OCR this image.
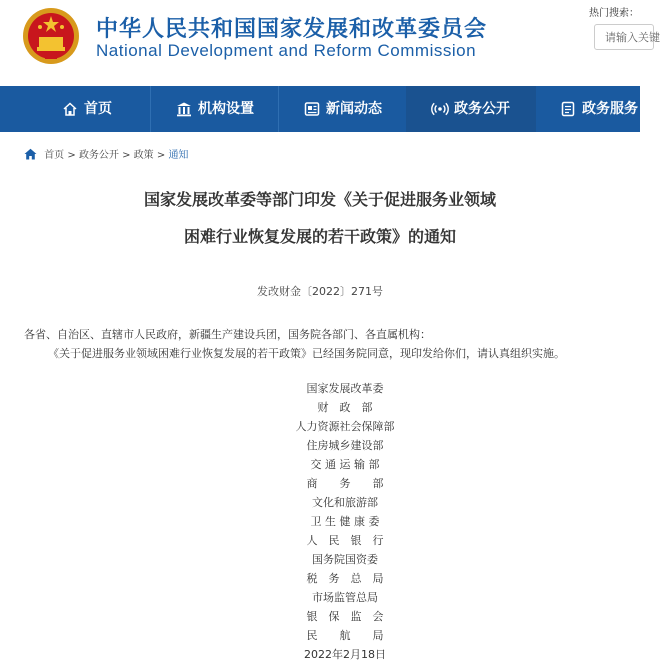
中华人民共和国国家发展和改革委员会
National Development and Reform Commission
热门搜索：
请输入关键
首页	机构设置	新闻动态	政务公开	政务服务
首页 > 政务公开 > 政策 > 通知
国家发展改革委等部门印发《关于促进服务业领域
困难行业恢复发展的若干政策》的通知
发改财金〔2022〕271号
各省、自治区、直辖市人民政府，新疆生产建设兵团，国务院各部门、各直属机构：
《关于促进服务业领域困难行业恢复发展的若干政策》已经国务院同意，现印发给你们，请认真组织实施。
国家发展改革委
财　政　部
人力资源社会保障部
住房城乡建设部
交 通 运 输 部
商　　务　　部
文化和旅游部
卫 生 健 康 委
人　民　银　行
国务院国资委
税　务　总　局
市场监管总局
银　保　监　会
民　　航　　局
2022年2月18日
